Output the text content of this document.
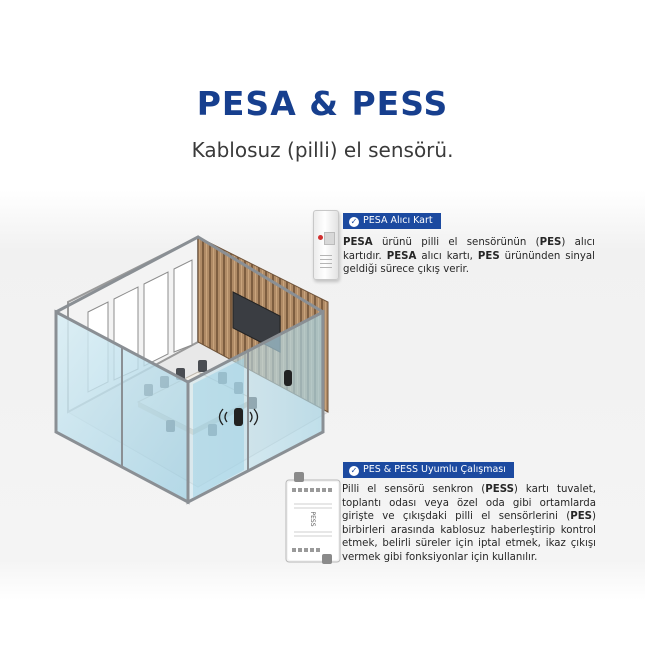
PESA & PESS
Kablosuz (pilli) el sensörü.
✓ PESA Alıcı Kart
PESA ürünü pilli el sensörünün (PES) alıcı kartıdır. PESA alıcı kartı, PES ürününden sinyal geldiği sürece çıkış verir.
PESS
✓ PES & PESS Uyumlu Çalışması
Pilli el sensörü senkron (PESS) kartı tuvalet, toplantı odası veya özel oda gibi ortamlarda girişte ve çıkışdaki pilli el sensörlerini (PES) birbirleri arasında kablosuz haberleştirip kontrol etmek, belirli süreler için iptal etmek, ikaz çıkışı vermek gibi fonksiyonlar için kullanılır.
